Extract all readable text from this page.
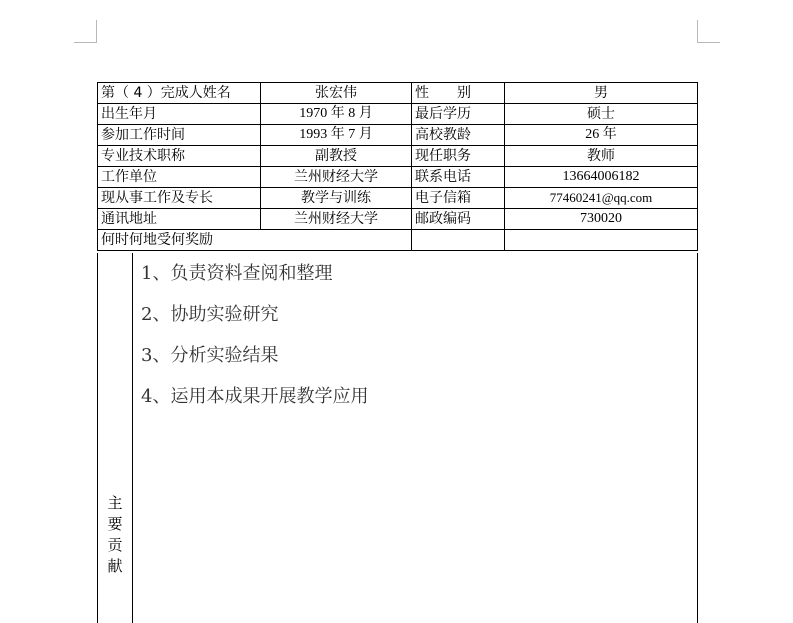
第（ 4 ）完成人姓名	张宏伟	性　　别	男
出生年月	1970 年 8 月	最后学历	硕士
参加工作时间	1993 年 7 月	高校教龄	26 年
专业技术职称	副教授	现任职务	教师
工作单位	兰州财经大学	联系电话	13664006182
现从事工作及专长	教学与训练	电子信箱	77460241@qq.com
通讯地址	兰州财经大学	邮政编码	730020
何时何地受何奖励			
主
要
贡
献
1、负责资料查阅和整理
2、协助实验研究
3、分析实验结果
4、运用本成果开展教学应用
